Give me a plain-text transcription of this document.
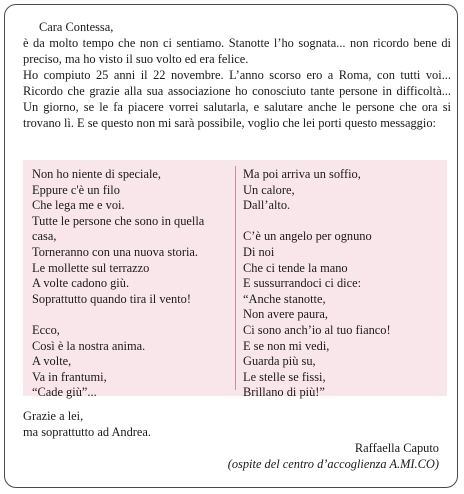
Cara Contessa,

è da molto tempo che non ci sentiamo. Stanotte l’ho sognata... non ricordo bene di preciso, ma ho visto il suo volto ed era felice.

Ho compiuto 25 anni il 22 novembre. L’anno scorso ero a Roma, con tutti voi... Ricordo che grazie alla sua associazione ho conosciuto tante persone in difficoltà... Un giorno, se le fa piacere vorrei salutarla, e salutare anche le persone che ora si trovano lì. E se questo non mi sarà possibile, voglio che lei porti questo messaggio:

Non ho niente di speciale,
Eppure c'è un filo
Che lega me e voi.
Tutte le persone che sono in quella
casa,
Torneranno con una nuova storia.
Le mollette sul terrazzo
A volte cadono giù.
Soprattutto quando tira il vento!
Ecco,
Così è la nostra anima.
A volte,
Va in frantumi,
“Cade giù”...
Ma poi arriva un soffio,
Un calore,
Dall’alto.
C’è un angelo per ognuno
Di noi
Che ci tende la mano
E sussurrandoci ci dice:
“Anche stanotte,
Non avere paura,
Ci sono anch’io al tuo fianco!
E se non mi vedi,
Guarda più su,
Le stelle se fissi,
Brillano di più!”
Grazie a lei,
ma soprattutto ad Andrea.
Raffaella Caputo
(ospite del centro d’accoglienza A.MI.CO)
